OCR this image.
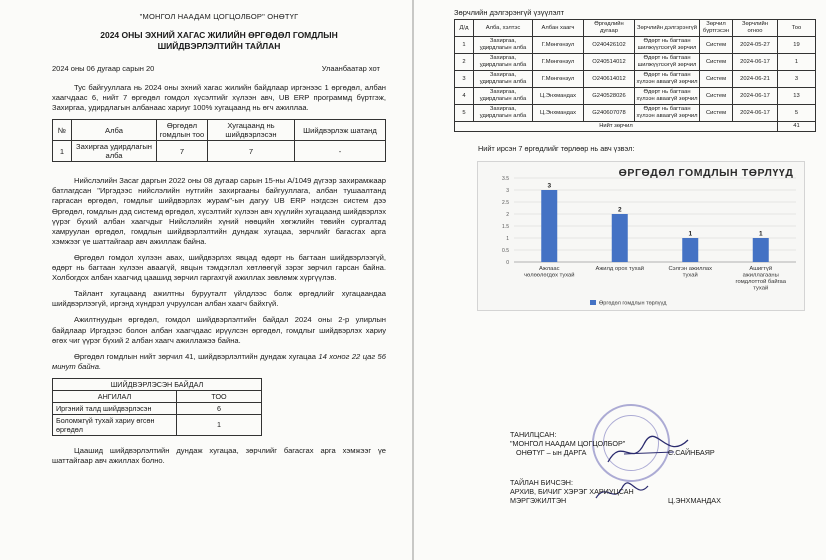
"МОНГОЛ НААДАМ ЦОГЦОЛБОР" ОНӨТҮГ
2024 ОНЫ ЭХНИЙ ХАГАС ЖИЛИЙН ӨРГӨДӨЛ ГОМДЛЫН
ШИЙДВЭРЛЭЛТИЙН ТАЙЛАН
2024 оны 06 дугаар сарын 20	Улаанбаатар хот

Тус байгууллага нь 2024 оны эхний хагас жилийн байдлаар иргэнээс 1 өргөдөл, албан хаагчдаас 6, нийт 7 өргөдөл гомдол хүсэлтийг хүлээн авч, UB ERP программд бүртгэж, Захиргаа, удирдлагын албанаас хариуг 100% хугацаанд нь өгч ажиллаа.

№	Алба	Өргөдөл гомдлын тоо	Хугацаанд нь шийдвэрлэсэн	Шийдвэрлэж шатанд
1	Захиргаа удирдлагын алба	7	7	-

Нийслэлийн Засаг даргын 2022 оны 08 дугаар сарын 15-ны А/1049 дүгээр захирамжаар батлагдсан "Иргэдээс нийслэлийн нутгийн захиргааны байгууллага, албан тушаалтанд гаргасан өргөдөл, гомдлыг шийдвэрлэх журам"-ын дагуу UB ERP нэгдсэн систем дээ Өргөдөл, гомдлын дэд системд өргөдөл, хүсэлтийг хүлээн авч хүүлийн хугацаанд шийдвэрлэх үүрэг бүхий албан хаагчдыг Нийслэлийн хүний нөөцийн хөгжлийн төвийн сургалтад хамруулан өргөдөл, гомдлын шийдвэрлэлтийн дундаж хугацаа, зөрчлийг багасгах арга хэмжээг үе шаттайгаар авч ажиллаж байна.

Өргөдөл гомдол хүлээн авах, шийдвэрлэх явцад өдөрт нь багтаан шийдвэрлээгүй, өдөрт нь багтаан хүлээн аваагүй, явцын тэмдэглэл хөтлөөгүй зэрэг зөрчил гарсан байна. Холбогдох албан хаагчид цаашид зөрчил гаргахгүй ажиллах зөвлөмж хүргүүлэв.

Тайлант хугацаанд ажилтны бурууталт үйлдлээс болж өргөдлийг хугацаандаа шийдвэрлээгүй, иргэнд хүндрэл учруулсан албан хаагч байхгүй.

Ажилтнуудын өргөдөл, гомдол шийдвэрлэлтийн байдал 2024 оны 2-р улирлын байдлаар Иргэдээс болон албан хаагчдаас ирүүлсэн өргөдөл, гомдлыг шийдвэрлэх хариу өгөх чиг үүрэг бүхий 2 албан хаагч ажиллажээ байна.

Өргөдөл гомдлын нийт зөрчил 41, шийдвэрлэлтийн дундаж хугацаа 14 хоног 22 цаг 56 минут байна.

ШИЙДВЭРЛЭСЭН БАЙДАЛ	
АНГИЛАЛ	ТОО
Иргэний талд шийдвэрлэсэн	6
Боломжгүй тухай хариу өгсөн өргөдөл	1

Цаашид шийдвэрлэлтийн дундаж хугацаа, зөрчлийг багасгах арга хэмжээг үе шаттайгаар авч ажиллах болно.

Зөрчлийн дэлгэрэнгүй үзүүлэлт
Д/д	Алба, хэлтэс	Албан хаагч	Өргөдлийн дугаар	Зөрчлийн дэлгэрэнгүй	Зөрчил бүртгэсэн	Зөрчлийн огноо	Тоо
1	Захиргаа, удирдлагын алба	Г.Мөнгөнзул	O240426102	Өдөрт нь багтаан шилжүүлээгүй зөрчил	Систем	2024-05-27	19
2	Захиргаа, удирдлагын алба	Г.Мөнгөнзул	O240514012	Өдөрт нь багтаан шилжүүлээгүй зөрчил	Систем	2024-06-17	1
3	Захиргаа, удирдлагын алба	Г.Мөнгөнзул	O240614012	Өдөрт нь багтаан хүлээн аваагүй зөрчил	Систем	2024-06-21	3
4	Захиргаа, удирдлагын алба	Ц.Энхмандах	G240528026	Өдөрт нь багтаан хүлээн аваагүй зөрчил	Систем	2024-06-17	13
5	Захиргаа, удирдлагын алба	Ц.Энхмандах	G240607078	Өдөрт нь багтаан хүлээн аваагүй зөрчил	Систем	2024-06-17	5
Нийт зөрчил							41
Нийт ирсэн 7 өргөдлийг төрлөөр нь авч үзвэл:
0
0.5
1
1.5
2
2.5
3
3.5	ӨРГӨДӨЛ ГОМДЛЫН ТӨРЛҮҮД
3
Ажлаас чөлөөлөгдөх тухай
2
Ажилд орох тухай
1
Сэлгэн ажиллах тухай
1
Ашигтүй ажиллагааны гомдлоттой байгаа тухай
Өргөдөл гомдлын төрлүүд
ТАНИЛЦСАН:
"МОНГОЛ НААДАМ ЦОГЦОЛБОР"
ОНӨТҮГ – ын ДАРГА	С.САЙНБАЯР
ТАЙЛАН БИЧСЭН:
АРХИВ, БИЧИГ ХЭРЭГ ХАРИУЦСАН
МЭРГЭЖИЛТЭН	Ц.ЭНХМАНДАХ
